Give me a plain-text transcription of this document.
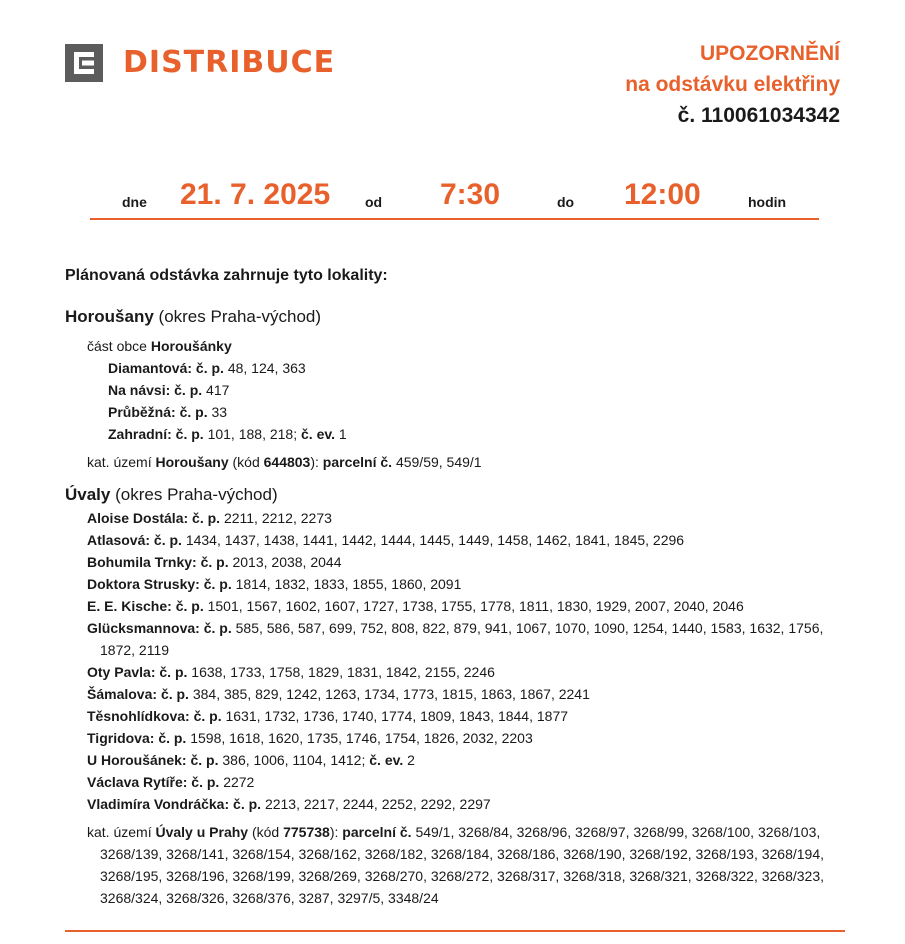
DISTRIBUCE	UPOZORNĚNÍ
na odstávku elektřiny
č. 110061034342
dne 21. 7. 2025 od 7:30	do 12:00	hodin
Plánovaná odstávka zahrnuje tyto lokality:
Horoušany (okres Praha-východ)
část obce Horoušánky
Diamantová: č. p. 48, 124, 363
Na návsi: č. p. 417
Průběžná: č. p. 33
Zahradní: č. p. 101, 188, 218; č. ev. 1
kat. území Horoušany (kód 644803): parcelní č. 459/59, 549/1
Úvaly (okres Praha-východ)
Aloise Dostála: č. p. 2211, 2212, 2273
Atlasová: č. p. 1434, 1437, 1438, 1441, 1442, 1444, 1445, 1449, 1458, 1462, 1841, 1845, 2296
Bohumila Trnky: č. p. 2013, 2038, 2044
Doktora Strusky: č. p. 1814, 1832, 1833, 1855, 1860, 2091
E. E. Kische: č. p. 1501, 1567, 1602, 1607, 1727, 1738, 1755, 1778, 1811, 1830, 1929, 2007, 2040, 2046
Glücksmannova: č. p. 585, 586, 587, 699, 752, 808, 822, 879, 941, 1067, 1070, 1090, 1254, 1440, 1583, 1632, 1756, 1872, 2119
Oty Pavla: č. p. 1638, 1733, 1758, 1829, 1831, 1842, 2155, 2246
Šámalova: č. p. 384, 385, 829, 1242, 1263, 1734, 1773, 1815, 1863, 1867, 2241
Těsnohlídkova: č. p. 1631, 1732, 1736, 1740, 1774, 1809, 1843, 1844, 1877
Tigridova: č. p. 1598, 1618, 1620, 1735, 1746, 1754, 1826, 2032, 2203
U Horoušánek: č. p. 386, 1006, 1104, 1412; č. ev. 2
Václava Rytíře: č. p. 2272
Vladimíra Vondráčka: č. p. 2213, 2217, 2244, 2252, 2292, 2297
kat. území Úvaly u Prahy (kód 775738): parcelní č. 549/1, 3268/84, 3268/96, 3268/97, 3268/99, 3268/100, 3268/103, 3268/139, 3268/141, 3268/154, 3268/162, 3268/182, 3268/184, 3268/186, 3268/190, 3268/192, 3268/193, 3268/194, 3268/195, 3268/196, 3268/199, 3268/269, 3268/270, 3268/272, 3268/317, 3268/318, 3268/321, 3268/322, 3268/323, 3268/324, 3268/326, 3268/376, 3287, 3297/5, 3348/24
